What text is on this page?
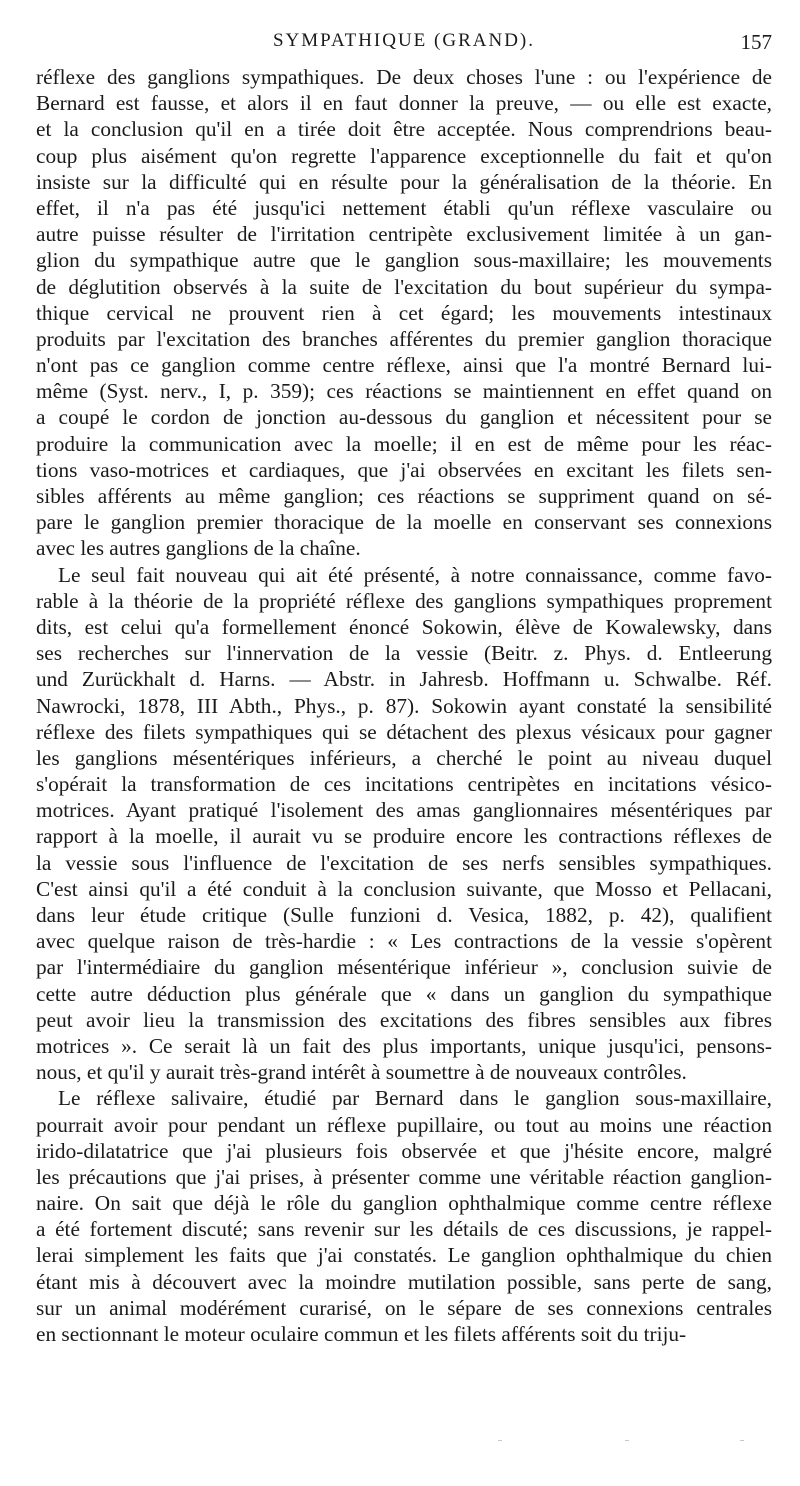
SYMPATHIQUE (GRAND).	157
réflexe des ganglions sympathiques. De deux choses l'une : ou l'expérience de
Bernard est fausse, et alors il en faut donner la preuve, — ou elle est exacte,
et la conclusion qu'il en a tirée doit être acceptée. Nous comprendrions beau-
coup plus aisément qu'on regrette l'apparence exceptionnelle du fait et qu'on
insiste sur la difficulté qui en résulte pour la généralisation de la théorie. En
effet, il n'a pas été jusqu'ici nettement établi qu'un réflexe vasculaire ou
autre puisse résulter de l'irritation centripète exclusivement limitée à un gan-
glion du sympathique autre que le ganglion sous-maxillaire; les mouvements
de déglutition observés à la suite de l'excitation du bout supérieur du sympa-
thique cervical ne prouvent rien à cet égard; les mouvements intestinaux
produits par l'excitation des branches afférentes du premier ganglion thoracique
n'ont pas ce ganglion comme centre réflexe, ainsi que l'a montré Bernard lui-
même (Syst. nerv., I, p. 359); ces réactions se maintiennent en effet quand on
a coupé le cordon de jonction au-dessous du ganglion et nécessitent pour se
produire la communication avec la moelle; il en est de même pour les réac-
tions vaso-motrices et cardiaques, que j'ai observées en excitant les filets sen-
sibles afférents au même ganglion; ces réactions se suppriment quand on sé-
pare le ganglion premier thoracique de la moelle en conservant ses connexions
avec les autres ganglions de la chaîne.
Le seul fait nouveau qui ait été présenté, à notre connaissance, comme favo-
rable à la théorie de la propriété réflexe des ganglions sympathiques proprement
dits, est celui qu'a formellement énoncé Sokowin, élève de Kowalewsky, dans
ses recherches sur l'innervation de la vessie (Beitr. z. Phys. d. Entleerung
und Zurückhalt d. Harns. — Abstr. in Jahresb. Hoffmann u. Schwalbe. Réf.
Nawrocki, 1878, III Abth., Phys., p. 87). Sokowin ayant constaté la sensibilité
réflexe des filets sympathiques qui se détachent des plexus vésicaux pour gagner
les ganglions mésentériques inférieurs, a cherché le point au niveau duquel
s'opérait la transformation de ces incitations centripètes en incitations vésico-
motrices. Ayant pratiqué l'isolement des amas ganglionnaires mésentériques par
rapport à la moelle, il aurait vu se produire encore les contractions réflexes de
la vessie sous l'influence de l'excitation de ses nerfs sensibles sympathiques.
C'est ainsi qu'il a été conduit à la conclusion suivante, que Mosso et Pellacani,
dans leur étude critique (Sulle funzioni d. Vesica, 1882, p. 42), qualifient
avec quelque raison de très-hardie : « Les contractions de la vessie s'opèrent
par l'intermédiaire du ganglion mésentérique inférieur », conclusion suivie de
cette autre déduction plus générale que « dans un ganglion du sympathique
peut avoir lieu la transmission des excitations des fibres sensibles aux fibres
motrices ». Ce serait là un fait des plus importants, unique jusqu'ici, pensons-
nous, et qu'il y aurait très-grand intérêt à soumettre à de nouveaux contrôles.
Le réflexe salivaire, étudié par Bernard dans le ganglion sous-maxillaire,
pourrait avoir pour pendant un réflexe pupillaire, ou tout au moins une réaction
irido-dilatatrice que j'ai plusieurs fois observée et que j'hésite encore, malgré
les précautions que j'ai prises, à présenter comme une véritable réaction ganglion-
naire. On sait que déjà le rôle du ganglion ophthalmique comme centre réflexe
a été fortement discuté; sans revenir sur les détails de ces discussions, je rappel-
lerai simplement les faits que j'ai constatés. Le ganglion ophthalmique du chien
étant mis à découvert avec la moindre mutilation possible, sans perte de sang,
sur un animal modérément curarisé, on le sépare de ses connexions centrales
en sectionnant le moteur oculaire commun et les filets afférents soit du triju-
